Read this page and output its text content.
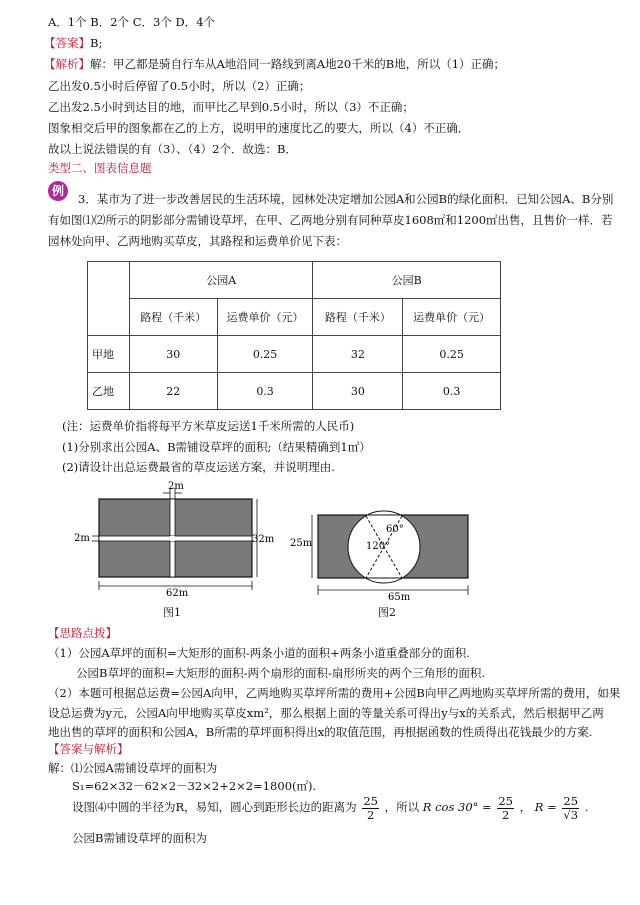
A．1个 B．2个 C．3个 D．4个
【答案】B;
【解析】解：甲乙都是骑自行车从A地沿同一路线到离A地20千米的B地，所以（1）正确；
乙出发0.5小时后停留了0.5小时，所以（2）正确；
乙出发2.5小时到达目的地，而甲比乙早到0.5小时，所以（3）不正确；
图象相交后甲的图象都在乙的上方，说明甲的速度比乙的要大，所以（4）不正确．
故以上说法错误的有（3）、（4）2个．故选：B．
类型二、图表信息题
例
3．某市为了进一步改善居民的生活环境，园林处决定增加公园A和公园B的绿化面积．已知公园A、B分别
有如图⑴⑵所示的阴影部分需铺设草坪，在甲、乙两地分别有同种草皮1608㎡和1200㎡出售，且售价一样．若
园林处向甲、乙两地购买草皮，其路程和运费单价见下表：
	公园A		公园B	
	路程（千米）	运费单价（元）	路程（千米）	运费单价（元）
甲地	30	0.25	32	0.25
乙地	22	0.3	30	0.3
(注：运费单价指将每平方米草皮运送1千米所需的人民币)
(1)分别求出公园A、B需铺设草坪的面积;（结果精确到1㎡）
(2)请设计出总运费最省的草皮运送方案，并说明理由.
2m
2m	32m
62m
图1
25m
60°
120°
65m
图2
【思路点拨】
（1）公园A草坪的面积=大矩形的面积-两条小道的面积+两条小道重叠部分的面积.
公园B草坪的面积=大矩形的面积-两个扇形的面积-扇形所夹的两个三角形的面积.
（2）本题可根据总运费=公园A向甲，乙两地购买草坪所需的费用+公园B向甲乙两地购买草坪所需的费用，如果
设总运费为y元，公园A向甲地购买草皮xm²，那么根据上面的等量关系可得出y与x的关系式，然后根据甲乙两
地出售的草坪的面积和公园A，B所需的草坪面积得出x的取值范围，再根据函数的性质得出花钱最少的方案.
【答案与解析】
解：⑴公园A需铺设草坪的面积为
S₁=62×32－62×2－32×2+2×2=1800(㎡).
设图⑷中圆的半径为R，易知，圆心到距形长边的距离为 $\frac{25}{2}$ ，所以 R $\cos 30^\circ = \frac{25}{2}$ ， $R = \frac{25}{√3}$ .
公园B需铺设草坪的面积为
